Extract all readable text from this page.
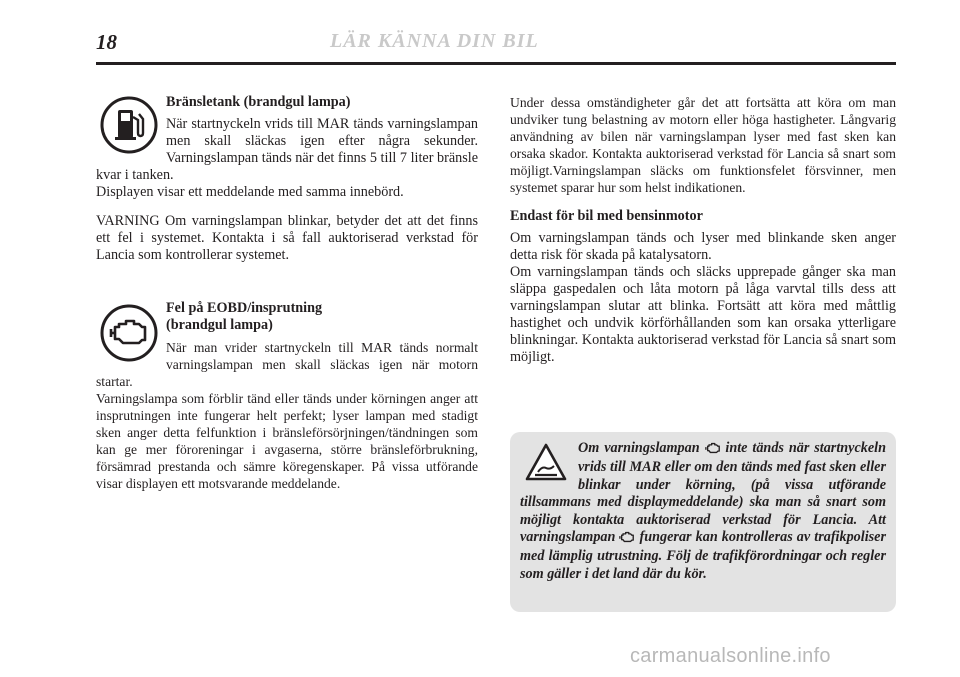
18	LÄR KÄNNA DIN BIL

Bränsletank (brandgul lampa)

När startnyckeln vrids till MAR tänds varningslampan men skall släckas igen efter några sekunder. Varningslampan tänds när det finns 5 till 7 liter bränsle kvar i tanken.

Displayen visar ett meddelande med samma innebörd.

VARNING Om varningslampan blinkar, betyder det att det finns ett fel i systemet. Kontakta i så fall auktoriserad verkstad för Lancia som kontrollerar systemet.

Fel på EOBD/insprutning

(brandgul lampa)

När man vrider startnyckeln till MAR tänds normalt varningslampan men skall släckas igen när motorn startar.

Varningslampa som förblir tänd eller tänds under körningen anger att insprutningen inte fungerar helt perfekt; lyser lampan med stadigt sken anger detta felfunktion i bränsleförsörjningen/tändningen som kan ge mer föroreningar i avgaserna, större bränsleförbrukning, försämrad prestanda och sämre köregenskaper. På vissa utförande visar displayen ett motsvarande meddelande.

Under dessa omständigheter går det att fortsätta att köra om man undviker tung belastning av motorn eller höga hastigheter. Långvarig användning av bilen när varningslampan lyser med fast sken kan orsaka skador. Kontakta auktoriserad verkstad för Lancia så snart som möjligt.Varningslampan släcks om funktionsfelet försvinner, men systemet sparar hur som helst indikationen.

Endast för bil med bensinmotor

Om varningslampan tänds och lyser med blinkande sken anger detta risk för skada på katalysatorn.

Om varningslampan tänds och släcks upprepade gånger ska man släppa gaspedalen och låta motorn på låga varvtal tills dess att varningslampan slutar att blinka. Fortsätt att köra med måttlig hastighet och undvik körförhållanden som kan orsaka ytterligare blinkningar. Kontakta auktoriserad verkstad för Lancia så snart som möjligt.

Om varningslampan  inte tänds när startnyckeln vrids till MAR eller om den tänds med fast sken eller blinkar under körning, (på vissa utförande tillsammans med displaymeddelande) ska man så snart som möjligt kontakta auktoriserad verkstad för Lancia. Att varningslampan  fungerar kan kontrolleras av trafikpoliser med lämplig utrustning. Följ de trafikförordningar och regler som gäller i det land där du kör.
carmanualsonline.info
